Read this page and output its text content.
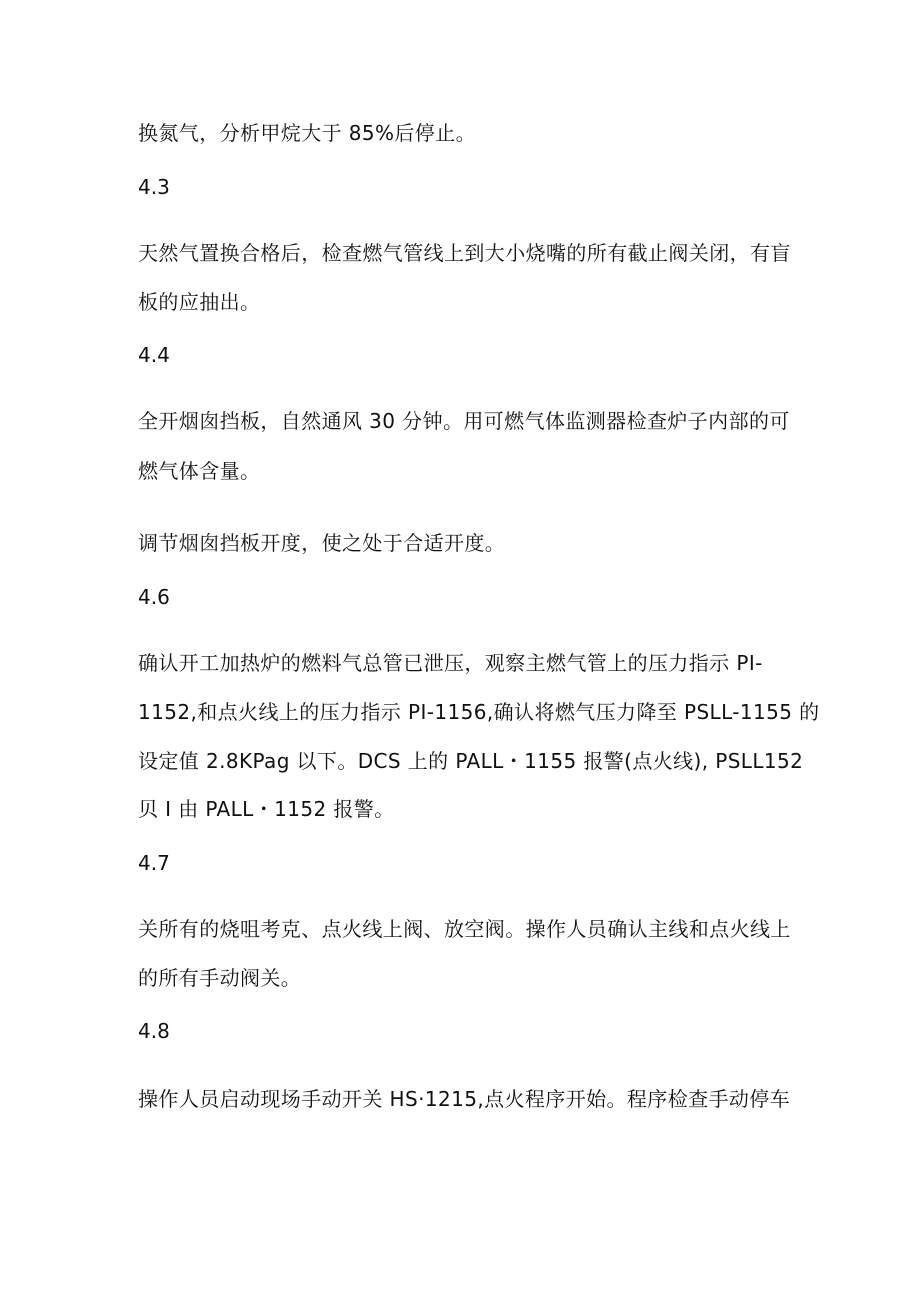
换氮气，分析甲烷大于 85%后停止。
4.3
天然气置换合格后，检查燃气管线上到大小烧嘴的所有截止阀关闭，有盲
板的应抽出。
4.4
全开烟囱挡板，自然通风 30 分钟。用可燃气体监测器检查炉子内部的可
燃气体含量。
调节烟囱挡板开度，使之处于合适开度。
4.6
确认开工加热炉的燃料气总管已泄压，观察主燃气管上的压力指示 PI-
1152,和点火线上的压力指示 PI-1156,确认将燃气压力降至 PSLL-1155 的
设定值 2.8KPag 以下。DCS 上的 PALL・1155 报警(点火线), PSLL152
贝 I 由 PALL・1152 报警。
4.7
关所有的烧咀考克、点火线上阀、放空阀。操作人员确认主线和点火线上
的所有手动阀关。
4.8
操作人员启动现场手动开关 HS·1215,点火程序开始。程序检查手动停车
